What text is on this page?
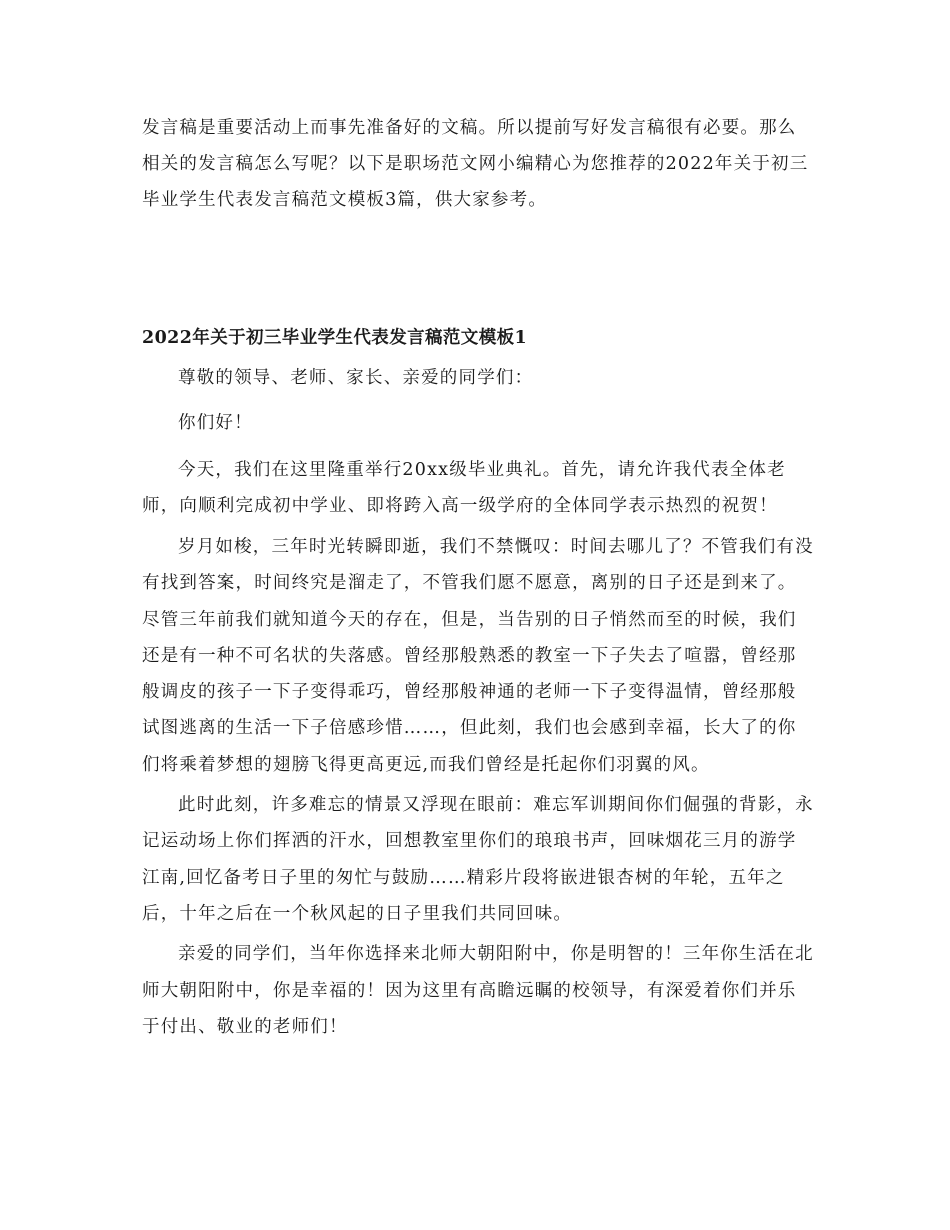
发言稿是重要活动上而事先准备好的文稿。所以提前写好发言稿很有必要。那么相关的发言稿怎么写呢？以下是职场范文网小编精心为您推荐的2022年关于初三毕业学生代表发言稿范文模板3篇，供大家参考。

2022年关于初三毕业学生代表发言稿范文模板1

尊敬的领导、老师、家长、亲爱的同学们：

你们好！

今天，我们在这里隆重举行20xx级毕业典礼。首先，请允许我代表全体老师，向顺利完成初中学业、即将跨入高一级学府的全体同学表示热烈的祝贺！

岁月如梭，三年时光转瞬即逝，我们不禁慨叹：时间去哪儿了？不管我们有没有找到答案，时间终究是溜走了，不管我们愿不愿意，离别的日子还是到来了。尽管三年前我们就知道今天的存在，但是，当告别的日子悄然而至的时候，我们还是有一种不可名状的失落感。曾经那般熟悉的教室一下子失去了喧嚣，曾经那般调皮的孩子一下子变得乖巧，曾经那般神通的老师一下子变得温情，曾经那般试图逃离的生活一下子倍感珍惜……，但此刻，我们也会感到幸福，长大了的你们将乘着梦想的翅膀飞得更高更远,而我们曾经是托起你们羽翼的风。

此时此刻，许多难忘的情景又浮现在眼前：难忘军训期间你们倔强的背影，永记运动场上你们挥洒的汗水，回想教室里你们的琅琅书声，回味烟花三月的游学江南,回忆备考日子里的匆忙与鼓励……精彩片段将嵌进银杏树的年轮，五年之后，十年之后在一个秋风起的日子里我们共同回味。

亲爱的同学们，当年你选择来北师大朝阳附中，你是明智的！三年你生活在北师大朝阳附中，你是幸福的！因为这里有高瞻远瞩的校领导，有深爱着你们并乐于付出、敬业的老师们！
